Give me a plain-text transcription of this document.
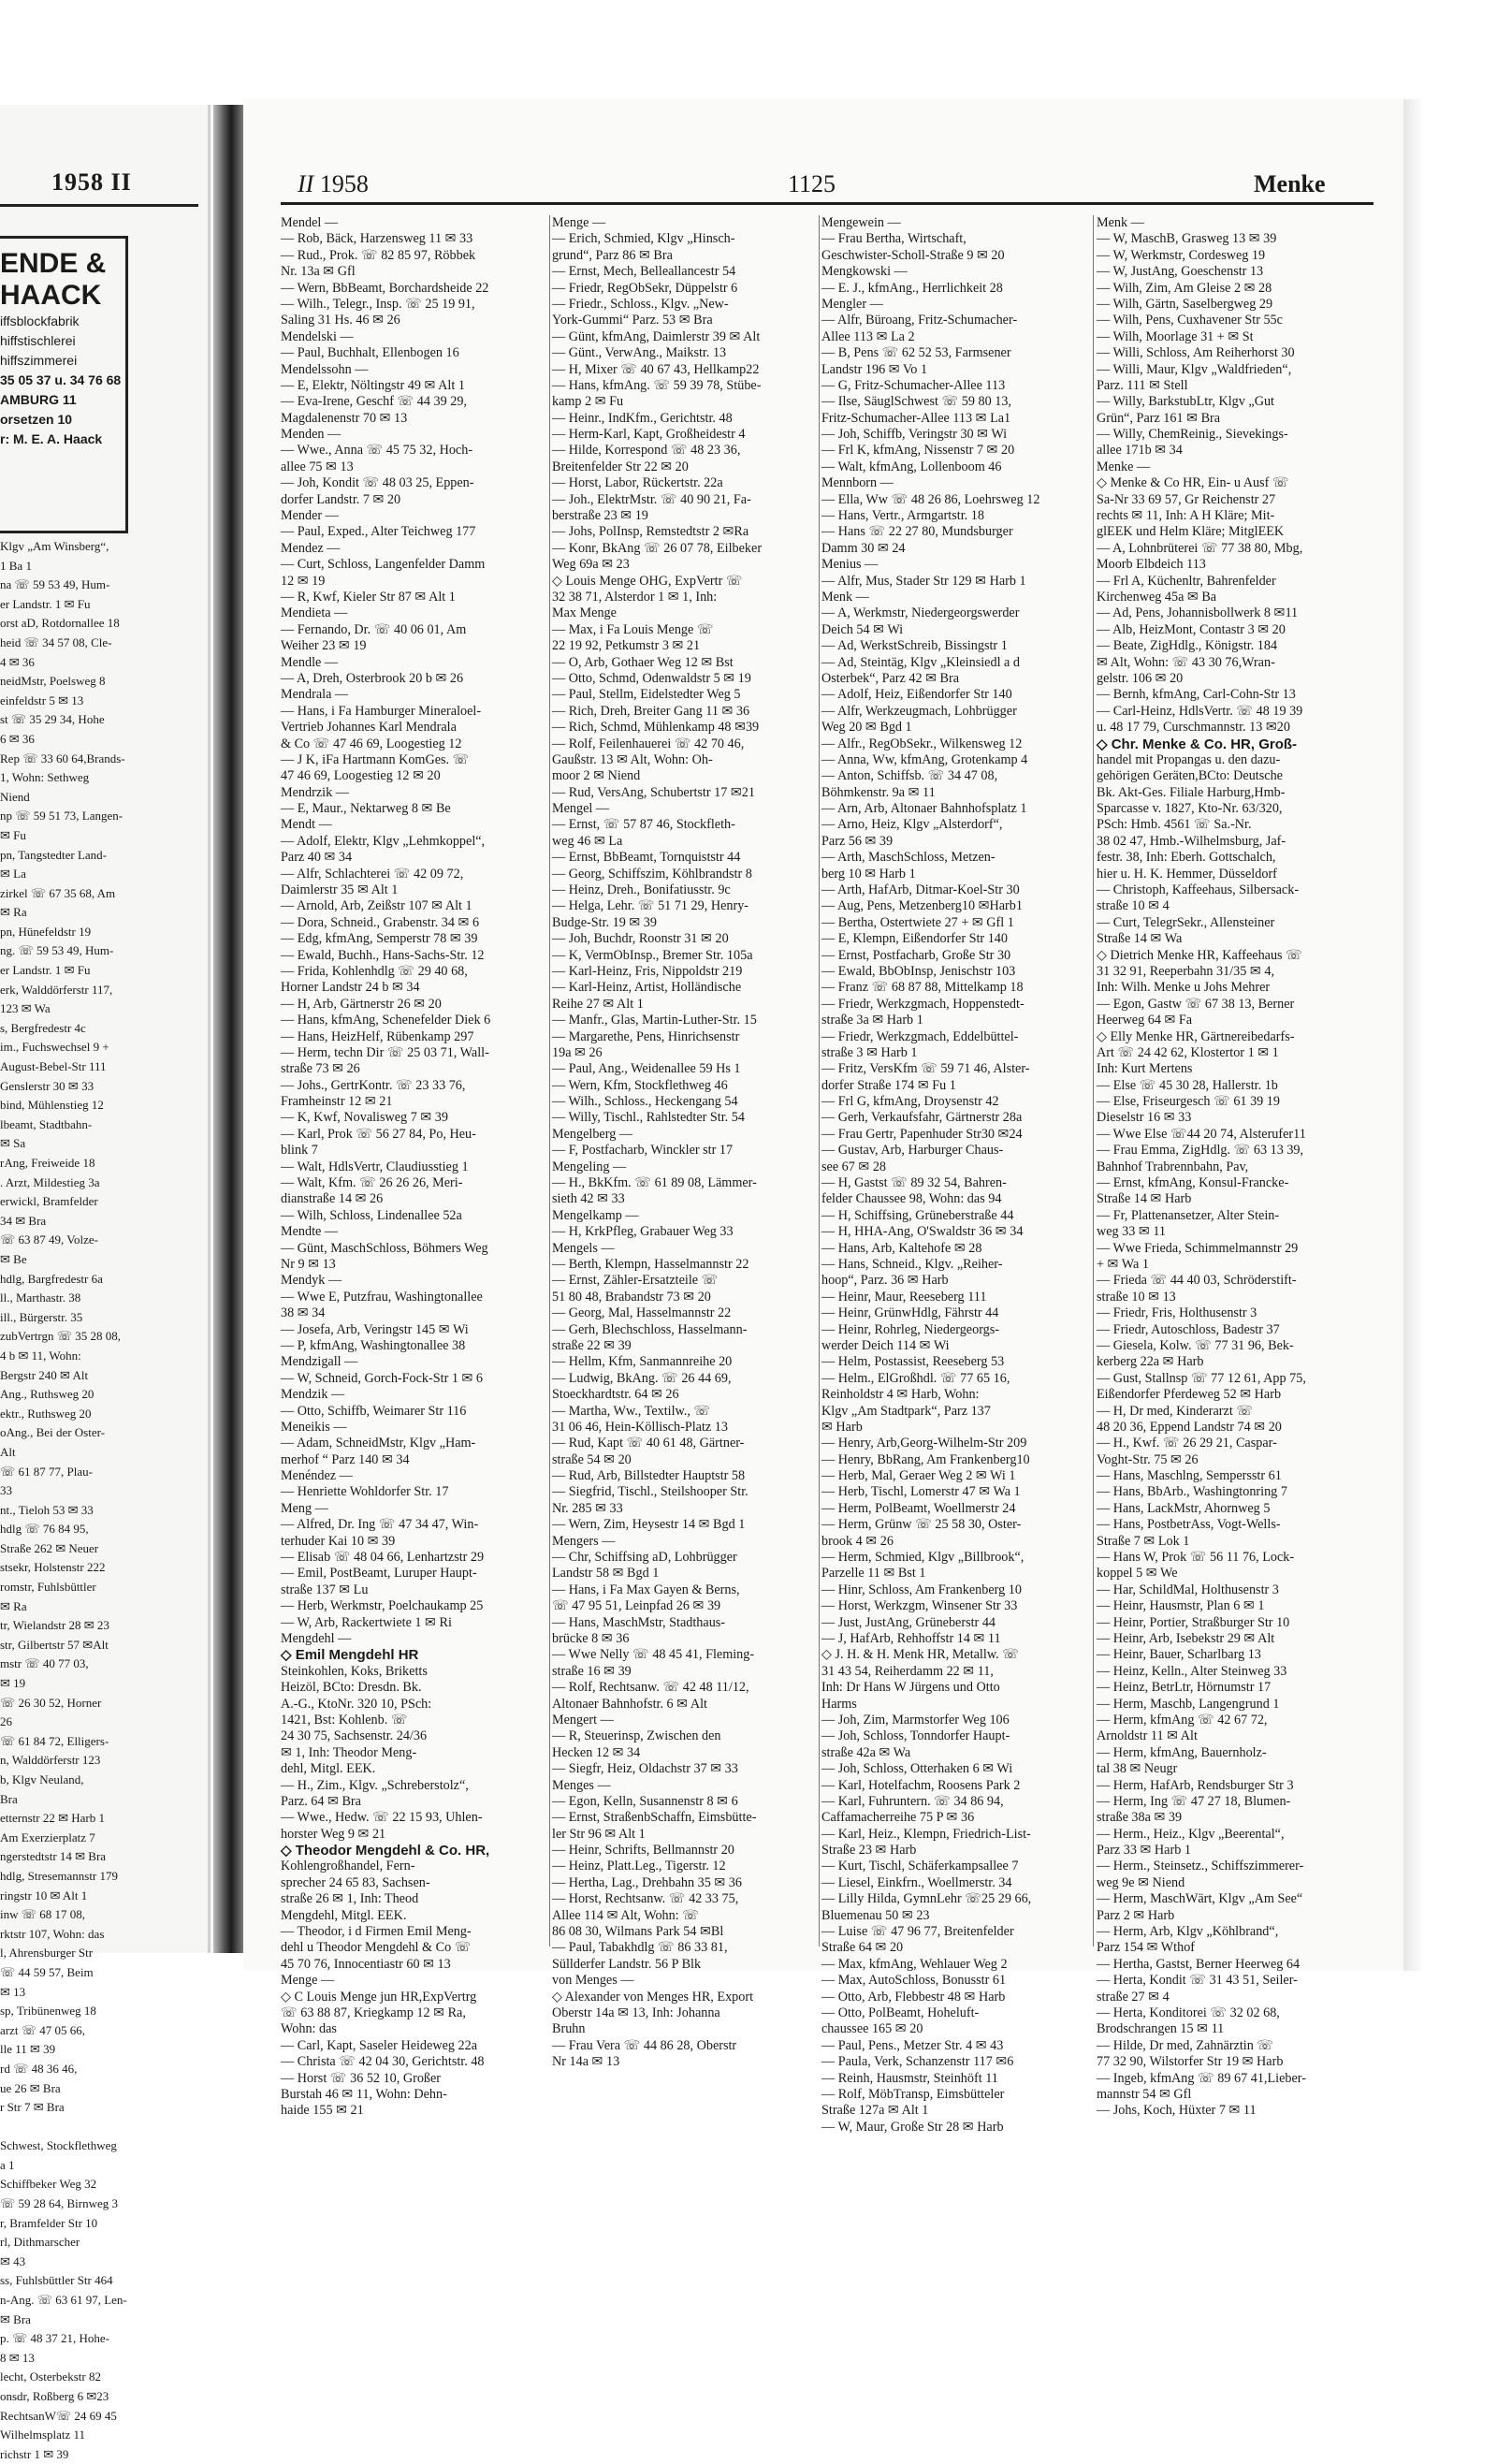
1958 II
ENDE &
HAACK
iffsblockfabrik
hiffstischlerei
hiffszimmerei
35 05 37 u. 34 76 68
AMBURG 11
orsetzen 10
r: M. E. A. Haack
Klgv „Am Winsberg“,
1 Ba 1
na ☏ 59 53 49, Hum-
er Landstr. 1 ✉ Fu
orst aD, Rotdornallee 18
heid ☏ 34 57 08, Cle-
4 ✉ 36
neidMstr, Poelsweg 8
einfeldstr 5 ✉ 13
st ☏ 35 29 34, Hohe
6 ✉ 36
Rep ☏ 33 60 64,Brands-
1, Wohn: Sethweg
Niend
np ☏ 59 51 73, Langen-
✉ Fu
pn, Tangstedter Land-
✉ La
zirkel ☏ 67 35 68, Am
✉ Ra
pn, Hünefeldstr 19
ng. ☏ 59 53 49, Hum-
er Landstr. 1 ✉ Fu
erk, Walddörferstr 117,
123 ✉ Wa
s, Bergfredestr 4c
im., Fuchswechsel 9 +
August-Bebel-Str 111
Genslerstr 30 ✉ 33
bind, Mühlenstieg 12
lbeamt, Stadtbahn-
✉ Sa
rAng, Freiweide 18
. Arzt, Mildestieg 3a
erwickl, Bramfelder
34 ✉ Bra
☏ 63 87 49, Volze-
✉ Be
hdlg, Bargfredestr 6a
ll., Marthastr. 38
ill., Bürgerstr. 35
zubVertrgn ☏ 35 28 08,
4 b ✉ 11, Wohn:
Bergstr 240 ✉ Alt
Ang., Ruthsweg 20
ektr., Ruthsweg 20
oAng., Bei der Oster-
Alt
☏ 61 87 77, Plau-
33
nt., Tieloh 53 ✉ 33
hdlg ☏ 76 84 95,
Straße 262 ✉ Neuer
stsekr, Holstenstr 222
romstr, Fuhlsbüttler
✉ Ra
tr, Wielandstr 28 ✉ 23
str, Gilbertstr 57 ✉Alt
mstr ☏ 40 77 03,
✉ 19
☏ 26 30 52, Horner
26
☏ 61 84 72, Elligers-
n, Walddörferstr 123
b, Klgv Neuland,
Bra
etternstr 22 ✉ Harb 1
Am Exerzierplatz 7
ngerstedtstr 14 ✉ Bra
hdlg, Stresemannstr 179
ringstr 10 ✉ Alt 1
inw ☏ 68 17 08,
rktstr 107, Wohn: das
l, Ahrensburger Str
☏ 44 59 57, Beim
✉ 13
sp, Tribünenweg 18
arzt ☏ 47 05 66,
lle 11 ✉ 39
rd ☏ 48 36 46,
ue 26 ✉ Bra
r Str 7 ✉ Bra
Schwest, Stockflethweg
a 1
Schiffbeker Weg 32
☏ 59 28 64, Birnweg 3
r, Bramfelder Str 10
rl, Dithmarscher
✉ 43
ss, Fuhlsbüttler Str 464
n-Ang. ☏ 63 61 97, Len-
✉ Bra
p. ☏ 48 37 21, Hohe-
8 ✉ 13
lecht, Osterbekstr 82
onsdr, Roßberg 6 ✉23
RechtsanW☏ 24 69 45
Wilhelmsplatz 11
richstr 1 ✉ 39
II 1958	1125	Menke
Mendel —
— Rob, Bäck, Harzensweg 11 ✉ 33
— Rud., Prok. ☏ 82 85 97, Röbbek
Nr. 13a ✉ Gfl
— Wern, BbBeamt, Borchardsheide 22
— Wilh., Telegr., Insp. ☏ 25 19 91,
Saling 31 Hs. 46 ✉ 26
Mendelski —
— Paul, Buchhalt, Ellenbogen 16
Mendelssohn —
— E, Elektr, Nöltingstr 49 ✉ Alt 1
— Eva-Irene, Geschf ☏ 44 39 29,
Magdalenenstr 70 ✉ 13
Menden —
— Wwe., Anna ☏ 45 75 32, Hoch-
allee 75 ✉ 13
— Joh, Kondit ☏ 48 03 25, Eppen-
dorfer Landstr. 7 ✉ 20
Mender —
— Paul, Exped., Alter Teichweg 177
Mendez —
— Curt, Schloss, Langenfelder Damm
12 ✉ 19
— R, Kwf, Kieler Str 87 ✉ Alt 1
Mendieta —
— Fernando, Dr. ☏ 40 06 01, Am
Weiher 23 ✉ 19
Mendle —
— A, Dreh, Osterbrook 20 b ✉ 26
Mendrala —
— Hans, i Fa Hamburger Mineraloel-
Vertrieb Johannes Karl Mendrala
& Co ☏ 47 46 69, Loogestieg 12
— J K, iFa Hartmann KomGes. ☏
47 46 69, Loogestieg 12 ✉ 20
Mendrzik —
— E, Maur., Nektarweg 8 ✉ Be
Mendt —
— Adolf, Elektr, Klgv „Lehmkoppel“,
Parz 40 ✉ 34
— Alfr, Schlachterei ☏ 42 09 72,
Daimlerstr 35 ✉ Alt 1
— Arnold, Arb, Zeißstr 107 ✉ Alt 1
— Dora, Schneid., Grabenstr. 34 ✉ 6
— Edg, kfmAng, Semperstr 78 ✉ 39
— Ewald, Buchh., Hans-Sachs-Str. 12
— Frida, Kohlenhdlg ☏ 29 40 68,
Horner Landstr 24 b ✉ 34
— H, Arb, Gärtnerstr 26 ✉ 20
— Hans, kfmAng, Schenefelder Diek 6
— Hans, HeizHelf, Rübenkamp 297
— Herm, techn Dir ☏ 25 03 71, Wall-
straße 73 ✉ 26
— Johs., GertrKontr. ☏ 23 33 76,
Framheinstr 12 ✉ 21
— K, Kwf, Novalisweg 7 ✉ 39
— Karl, Prok ☏ 56 27 84, Po, Heu-
blink 7
— Walt, HdlsVertr, Claudiusstieg 1
— Walt, Kfm. ☏ 26 26 26, Meri-
dianstraße 14 ✉ 26
— Wilh, Schloss, Lindenallee 52a
Mendte —
— Günt, MaschSchloss, Böhmers Weg
Nr 9 ✉ 13
Mendyk —
— Wwe E, Putzfrau, Washingtonallee
38 ✉ 34
— Josefa, Arb, Veringstr 145 ✉ Wi
— P, kfmAng, Washingtonallee 38
Mendzigall —
— W, Schneid, Gorch-Fock-Str 1 ✉ 6
Mendzik —
— Otto, Schiffb, Weimarer Str 116
Meneikis —
— Adam, SchneidMstr, Klgv „Ham-
merhof “ Parz 140 ✉ 34
Menéndez —
— Henriette Wohldorfer Str. 17
Meng —
— Alfred, Dr. Ing ☏ 47 34 47, Win-
terhuder Kai 10 ✉ 39
— Elisab ☏ 48 04 66, Lenhartzstr 29
— Emil, PostBeamt, Luruper Haupt-
straße 137 ✉ Lu
— Herb, Werkmstr, Poelchaukamp 25
— W, Arb, Rackertwiete 1 ✉ Ri
Mengdehl —
◇ Emil Mengdehl HR
Steinkohlen, Koks, Briketts
Heizöl, BCto: Dresdn. Bk.
A.-G., KtoNr. 320 10, PSch:
1421, Bst: Kohlenb. ☏
24 30 75, Sachsenstr. 24/36
✉ 1, Inh: Theodor Meng-
dehl, Mitgl. EEK.
— H., Zim., Klgv. „Schreberstolz“,
Parz. 64 ✉ Bra
— Wwe., Hedw. ☏ 22 15 93, Uhlen-
horster Weg 9 ✉ 21
◇ Theodor Mengdehl & Co. HR,
Kohlengroßhandel, Fern-
sprecher 24 65 83, Sachsen-
straße 26 ✉ 1, Inh: Theod
Mengdehl, Mitgl. EEK.
— Theodor, i d Firmen Emil Meng-
dehl u Theodor Mengdehl & Co ☏
45 70 76, Innocentiastr 60 ✉ 13
Menge —
◇ C Louis Menge jun HR,ExpVertrg
☏ 63 88 87, Kriegkamp 12 ✉ Ra,
Wohn: das
— Carl, Kapt, Saseler Heideweg 22a
— Christa ☏ 42 04 30, Gerichtstr. 48
— Horst ☏ 36 52 10, Großer
Burstah 46 ✉ 11, Wohn: Dehn-
haide 155 ✉ 21
Menge —
— Erich, Schmied, Klgv „Hinsch-
grund“, Parz 86 ✉ Bra
— Ernst, Mech, Belleallancestr 54
— Friedr, RegObSekr, Düppelstr 6
— Friedr., Schloss., Klgv. „New-
York-Gummi“ Parz. 53 ✉ Bra
— Günt, kfmAng, Daimlerstr 39 ✉ Alt
— Günt., VerwAng., Maikstr. 13
— H, Mixer ☏ 40 67 43, Hellkamp22
— Hans, kfmAng. ☏ 59 39 78, Stübe-
kamp 2 ✉ Fu
— Heinr., IndKfm., Gerichtstr. 48
— Herm-Karl, Kapt, Großheidestr 4
— Hilde, Korrespond ☏ 48 23 36,
Breitenfelder Str 22 ✉ 20
— Horst, Labor, Rückertstr. 22a
— Joh., ElektrMstr. ☏ 40 90 21, Fa-
berstraße 23 ✉ 19
— Johs, PolInsp, Remstedtstr 2 ✉Ra
— Konr, BkAng ☏ 26 07 78, Eilbeker
Weg 69a ✉ 23
◇ Louis Menge OHG, ExpVertr ☏
32 38 71, Alsterdor 1 ✉ 1, Inh:
Max Menge
— Max, i Fa Louis Menge ☏
22 19 92, Petkumstr 3 ✉ 21
— O, Arb, Gothaer Weg 12 ✉ Bst
— Otto, Schmd, Odenwaldstr 5 ✉ 19
— Paul, Stellm, Eidelstedter Weg 5
— Rich, Dreh, Breiter Gang 11 ✉ 36
— Rich, Schmd, Mühlenkamp 48 ✉39
— Rolf, Feilenhauerei ☏ 42 70 46,
Gaußstr. 13 ✉ Alt, Wohn: Oh-
moor 2 ✉ Niend
— Rud, VersAng, Schubertstr 17 ✉21
Mengel —
— Ernst, ☏ 57 87 46, Stockfleth-
weg 46 ✉ La
— Ernst, BbBeamt, Tornquiststr 44
— Georg, Schiffszim, Köhlbrandstr 8
— Heinz, Dreh., Bonifatiusstr. 9c
— Helga, Lehr. ☏ 51 71 29, Henry-
Budge-Str. 19 ✉ 39
— Joh, Buchdr, Roonstr 31 ✉ 20
— K, VermObInsp., Bremer Str. 105a
— Karl-Heinz, Fris, Nippoldstr 219
— Karl-Heinz, Artist, Holländische
Reihe 27 ✉ Alt 1
— Manfr., Glas, Martin-Luther-Str. 15
— Margarethe, Pens, Hinrichsenstr
19a ✉ 26
— Paul, Ang., Weidenallee 59 Hs 1
— Wern, Kfm, Stockflethweg 46
— Wilh., Schloss., Heckengang 54
— Willy, Tischl., Rahlstedter Str. 54
Mengelberg —
— F, Postfacharb, Winckler str 17
Mengeling —
— H., BkKfm. ☏ 61 89 08, Lämmer-
sieth 42 ✉ 33
Mengelkamp —
— H, KrkPfleg, Grabauer Weg 33
Mengels —
— Berth, Klempn, Hasselmannstr 22
— Ernst, Zähler-Ersatzteile ☏
51 80 48, Brabandstr 73 ✉ 20
— Georg, Mal, Hasselmannstr 22
— Gerh, Blechschloss, Hasselmann-
straße 22 ✉ 39
— Hellm, Kfm, Sanmannreihe 20
— Ludwig, BkAng. ☏ 26 44 69,
Stoeckhardtstr. 64 ✉ 26
— Martha, Ww., Textilw., ☏
31 06 46, Hein-Köllisch-Platz 13
— Rud, Kapt ☏ 40 61 48, Gärtner-
straße 54 ✉ 20
— Rud, Arb, Billstedter Hauptstr 58
— Siegfrid, Tischl., Steilshooper Str.
Nr. 285 ✉ 33
— Wern, Zim, Heysestr 14 ✉ Bgd 1
Mengers —
— Chr, Schiffsing aD, Lohbrügger
Landstr 58 ✉ Bgd 1
— Hans, i Fa Max Gayen & Berns,
☏ 47 95 51, Leinpfad 26 ✉ 39
— Hans, MaschMstr, Stadthaus-
brücke 8 ✉ 36
— Wwe Nelly ☏ 48 45 41, Fleming-
straße 16 ✉ 39
— Rolf, Rechtsanw. ☏ 42 48 11/12,
Altonaer Bahnhofstr. 6 ✉ Alt
Mengert —
— R, Steuerinsp, Zwischen den
Hecken 12 ✉ 34
— Siegfr, Heiz, Oldachstr 37 ✉ 33
Menges —
— Egon, Kelln, Susannenstr 8 ✉ 6
— Ernst, StraßenbSchaffn, Eimsbütte-
ler Str 96 ✉ Alt 1
— Heinr, Schrifts, Bellmannstr 20
— Heinz, Platt.Leg., Tigerstr. 12
— Hertha, Lag., Drehbahn 35 ✉ 36
— Horst, Rechtsanw. ☏ 42 33 75,
Allee 114 ✉ Alt, Wohn: ☏
86 08 30, Wilmans Park 54 ✉Bl
— Paul, Tabakhdlg ☏ 86 33 81,
Süllderfer Landstr. 56 P Blk
von Menges —
◇ Alexander von Menges HR, Export
Oberstr 14a ✉ 13, Inh: Johanna
Bruhn
— Frau Vera ☏ 44 86 28, Oberstr
Nr 14a ✉ 13
Mengewein —
— Frau Bertha, Wirtschaft,
Geschwister-Scholl-Straße 9 ✉ 20
Mengkowski —
— E. J., kfmAng., Herrlichkeit 28
Mengler —
— Alfr, Büroang, Fritz-Schumacher-
Allee 113 ✉ La 2
— B, Pens ☏ 62 52 53, Farmsener
Landstr 196 ✉ Vo 1
— G, Fritz-Schumacher-Allee 113
— Ilse, SäuglSchwest ☏ 59 80 13,
Fritz-Schumacher-Allee 113 ✉ La1
— Joh, Schiffb, Veringstr 30 ✉ Wi
— Frl K, kfmAng, Nissenstr 7 ✉ 20
— Walt, kfmAng, Lollenboom 46
Mennborn —
— Ella, Ww ☏ 48 26 86, Loehrsweg 12
— Hans, Vertr., Armgartstr. 18
— Hans ☏ 22 27 80, Mundsburger
Damm 30 ✉ 24
Menius —
— Alfr, Mus, Stader Str 129 ✉ Harb 1
Menk —
— A, Werkmstr, Niedergeorgswerder
Deich 54 ✉ Wi
— Ad, WerkstSchreib, Bissingstr 1
— Ad, Steintäg, Klgv „Kleinsiedl a d
Osterbek“, Parz 42 ✉ Bra
— Adolf, Heiz, Eißendorfer Str 140
— Alfr, Werkzeugmach, Lohbrügger
Weg 20 ✉ Bgd 1
— Alfr., RegObSekr., Wilkensweg 12
— Anna, Ww, kfmAng, Grotenkamp 4
— Anton, Schiffsb. ☏ 34 47 08,
Böhmkenstr. 9a ✉ 11
— Arn, Arb, Altonaer Bahnhofsplatz 1
— Arno, Heiz, Klgv „Alsterdorf“,
Parz 56 ✉ 39
— Arth, MaschSchloss, Metzen-
berg 10 ✉ Harb 1
— Arth, HafArb, Ditmar-Koel-Str 30
— Aug, Pens, Metzenberg10 ✉Harb1
— Bertha, Ostertwiete 27 + ✉ Gfl 1
— E, Klempn, Eißendorfer Str 140
— Ernst, Postfacharb, Große Str 30
— Ewald, BbObInsp, Jenischstr 103
— Franz ☏ 68 87 88, Mittelkamp 18
— Friedr, Werkzgmach, Hoppenstedt-
straße 3a ✉ Harb 1
— Friedr, Werkzgmach, Eddelbüttel-
straße 3 ✉ Harb 1
— Fritz, VersKfm ☏ 59 71 46, Alster-
dorfer Straße 174 ✉ Fu 1
— Frl G, kfmAng, Droysenstr 42
— Gerh, Verkaufsfahr, Gärtnerstr 28a
— Frau Gertr, Papenhuder Str30 ✉24
— Gustav, Arb, Harburger Chaus-
see 67 ✉ 28
— H, Gastst ☏ 89 32 54, Bahren-
felder Chaussee 98, Wohn: das 94
— H, Schiffsing, Grüneberstraße 44
— H, HHA-Ang, O'Swaldstr 36 ✉ 34
— Hans, Arb, Kaltehofe ✉ 28
— Hans, Schneid., Klgv. „Reiher-
hoop“, Parz. 36 ✉ Harb
— Heinr, Maur, Reeseberg 111
— Heinr, GrünwHdlg, Fährstr 44
— Heinr, Rohrleg, Niedergeorgs-
werder Deich 114 ✉ Wi
— Helm, Postassist, Reeseberg 53
— Helm., ElGroßhdl. ☏ 77 65 16,
Reinholdstr 4 ✉ Harb, Wohn:
Klgv „Am Stadtpark“, Parz 137
✉ Harb
— Henry, Arb,Georg-Wilhelm-Str 209
— Henry, BbRang, Am Frankenberg10
— Herb, Mal, Geraer Weg 2 ✉ Wi 1
— Herb, Tischl, Lomerstr 47 ✉ Wa 1
— Herm, PolBeamt, Woellmerstr 24
— Herm, Grünw ☏ 25 58 30, Oster-
brook 4 ✉ 26
— Herm, Schmied, Klgv „Billbrook“,
Parzelle 11 ✉ Bst 1
— Hinr, Schloss, Am Frankenberg 10
— Horst, Werkzgm, Winsener Str 33
— Just, JustAng, Grüneberstr 44
— J, HafArb, Rehhoffstr 14 ✉ 11
◇ J. H. & H. Menk HR, Metallw. ☏
31 43 54, Reiherdamm 22 ✉ 11,
Inh: Dr Hans W Jürgens und Otto
Harms
— Joh, Zim, Marmstorfer Weg 106
— Joh, Schloss, Tonndorfer Haupt-
straße 42a ✉ Wa
— Joh, Schloss, Otterhaken 6 ✉ Wi
— Karl, Hotelfachm, Roosens Park 2
— Karl, Fuhruntern. ☏ 34 86 94,
Caffamacherreihe 75 P ✉ 36
— Karl, Heiz., Klempn, Friedrich-List-
Straße 23 ✉ Harb
— Kurt, Tischl, Schäferkampsallee 7
— Liesel, Einkfrn., Woellmerstr. 34
— Lilly Hilda, GymnLehr ☏25 29 66,
Bluemenau 50 ✉ 23
— Luise ☏ 47 96 77, Breitenfelder
Straße 64 ✉ 20
— Max, kfmAng, Wehlauer Weg 2
— Max, AutoSchloss, Bonusstr 61
— Otto, Arb, Flebbestr 48 ✉ Harb
— Otto, PolBeamt, Hoheluft-
chaussee 165 ✉ 20
— Paul, Pens., Metzer Str. 4 ✉ 43
— Paula, Verk, Schanzenstr 117 ✉6
— Reinh, Hausmstr, Steinhöft 11
— Rolf, MöbTransp, Eimsbütteler
Straße 127a ✉ Alt 1
— W, Maur, Große Str 28 ✉ Harb
Menk —
— W, MaschB, Grasweg 13 ✉ 39
— W, Werkmstr, Cordesweg 19
— W, JustAng, Goeschenstr 13
— Wilh, Zim, Am Gleise 2 ✉ 28
— Wilh, Gärtn, Saselbergweg 29
— Wilh, Pens, Cuxhavener Str 55c
— Wilh, Moorlage 31 + ✉ St
— Willi, Schloss, Am Reiherhorst 30
— Willi, Maur, Klgv „Waldfrieden“,
Parz. 111 ✉ Stell
— Willy, BarkstubLtr, Klgv „Gut
Grün“, Parz 161 ✉ Bra
— Willy, ChemReinig., Sievekings-
allee 171b ✉ 34
Menke —
◇ Menke & Co HR, Ein- u Ausf ☏
Sa-Nr 33 69 57, Gr Reichenstr 27
rechts ✉ 11, Inh: A H Kläre; Mit-
glEEK und Helm Kläre; MitglEEK
— A, Lohnbrüterei ☏ 77 38 80, Mbg,
Moorb Elbdeich 113
— Frl A, Küchenltr, Bahrenfelder
Kirchenweg 45a ✉ Ba
— Ad, Pens, Johannisbollwerk 8 ✉11
— Alb, HeizMont, Contastr 3 ✉ 20
— Beate, ZigHdlg., Königstr. 184
✉ Alt, Wohn: ☏ 43 30 76,Wran-
gelstr. 106 ✉ 20
— Bernh, kfmAng, Carl-Cohn-Str 13
— Carl-Heinz, HdlsVertr. ☏ 48 19 39
u. 48 17 79, Curschmannstr. 13 ✉20
◇ Chr. Menke & Co. HR, Groß-
handel mit Propangas u. den dazu-
gehörigen Geräten,BCto: Deutsche
Bk. Akt-Ges. Filiale Harburg,Hmb-
Sparcasse v. 1827, Kto-Nr. 63/320,
PSch: Hmb. 4561 ☏ Sa.-Nr.
38 02 47, Hmb.-Wilhelmsburg, Jaf-
festr. 38, Inh: Eberh. Gottschalch,
hier u. H. K. Hemmer, Düsseldorf
— Christoph, Kaffeehaus, Silbersack-
straße 10 ✉ 4
— Curt, TelegrSekr., Allensteiner
Straße 14 ✉ Wa
◇ Dietrich Menke HR, Kaffeehaus ☏
31 32 91, Reeperbahn 31/35 ✉ 4,
Inh: Wilh. Menke u Johs Mehrer
— Egon, Gastw ☏ 67 38 13, Berner
Heerweg 64 ✉ Fa
◇ Elly Menke HR, Gärtnereibedarfs-
Art ☏ 24 42 62, Klostertor 1 ✉ 1
Inh: Kurt Mertens
— Else ☏ 45 30 28, Hallerstr. 1b
— Else, Friseurgesch ☏ 61 39 19
Dieselstr 16 ✉ 33
— Wwe Else ☏44 20 74, Alsterufer11
— Frau Emma, ZigHdlg. ☏ 63 13 39,
Bahnhof Trabrennbahn, Pav,
— Ernst, kfmAng, Konsul-Francke-
Straße 14 ✉ Harb
— Fr, Plattenansetzer, Alter Stein-
weg 33 ✉ 11
— Wwe Frieda, Schimmelmannstr 29
+ ✉ Wa 1
— Frieda ☏ 44 40 03, Schröderstift-
straße 10 ✉ 13
— Friedr, Fris, Holthusenstr 3
— Friedr, Autoschloss, Badestr 37
— Giesela, Kolw. ☏ 77 31 96, Bek-
kerberg 22a ✉ Harb
— Gust, Stallnsp ☏ 77 12 61, App 75,
Eißendorfer Pferdeweg 52 ✉ Harb
— H, Dr med, Kinderarzt ☏
48 20 36, Eppend Landstr 74 ✉ 20
— H., Kwf. ☏ 26 29 21, Caspar-
Voght-Str. 75 ✉ 26
— Hans, Maschlng, Sempersstr 61
— Hans, BbArb., Washingtonring 7
— Hans, LackMstr, Ahornweg 5
— Hans, PostbetrAss, Vogt-Wells-
Straße 7 ✉ Lok 1
— Hans W, Prok ☏ 56 11 76, Lock-
koppel 5 ✉ We
— Har, SchildMal, Holthusenstr 3
— Heinr, Hausmstr, Plan 6 ✉ 1
— Heinr, Portier, Straßburger Str 10
— Heinr, Arb, Isebekstr 29 ✉ Alt
— Heinr, Bauer, Scharlbarg 13
— Heinz, Kelln., Alter Steinweg 33
— Heinz, BetrLtr, Hörnumstr 17
— Herm, Maschb, Langengrund 1
— Herm, kfmAng ☏ 42 67 72,
Arnoldstr 11 ✉ Alt
— Herm, kfmAng, Bauernholz-
tal 38 ✉ Neugr
— Herm, HafArb, Rendsburger Str 3
— Herm, Ing ☏ 47 27 18, Blumen-
straße 38a ✉ 39
— Herm., Heiz., Klgv „Beerental“,
Parz 33 ✉ Harb 1
— Herm., Steinsetz., Schiffszimmerer-
weg 9e ✉ Niend
— Herm, MaschWärt, Klgv „Am See“
Parz 2 ✉ Harb
— Herm, Arb, Klgv „Köhlbrand“,
Parz 154 ✉ Wthof
— Hertha, Gastst, Berner Heerweg 64
— Herta, Kondit ☏ 31 43 51, Seiler-
straße 27 ✉ 4
— Herta, Konditorei ☏ 32 02 68,
Brodschrangen 15 ✉ 11
— Hilde, Dr med, Zahnärztin ☏
77 32 90, Wilstorfer Str 19 ✉ Harb
— Ingeb, kfmAng ☏ 89 67 41,Lieber-
mannstr 54 ✉ Gfl
— Johs, Koch, Hüxter 7 ✉ 11
